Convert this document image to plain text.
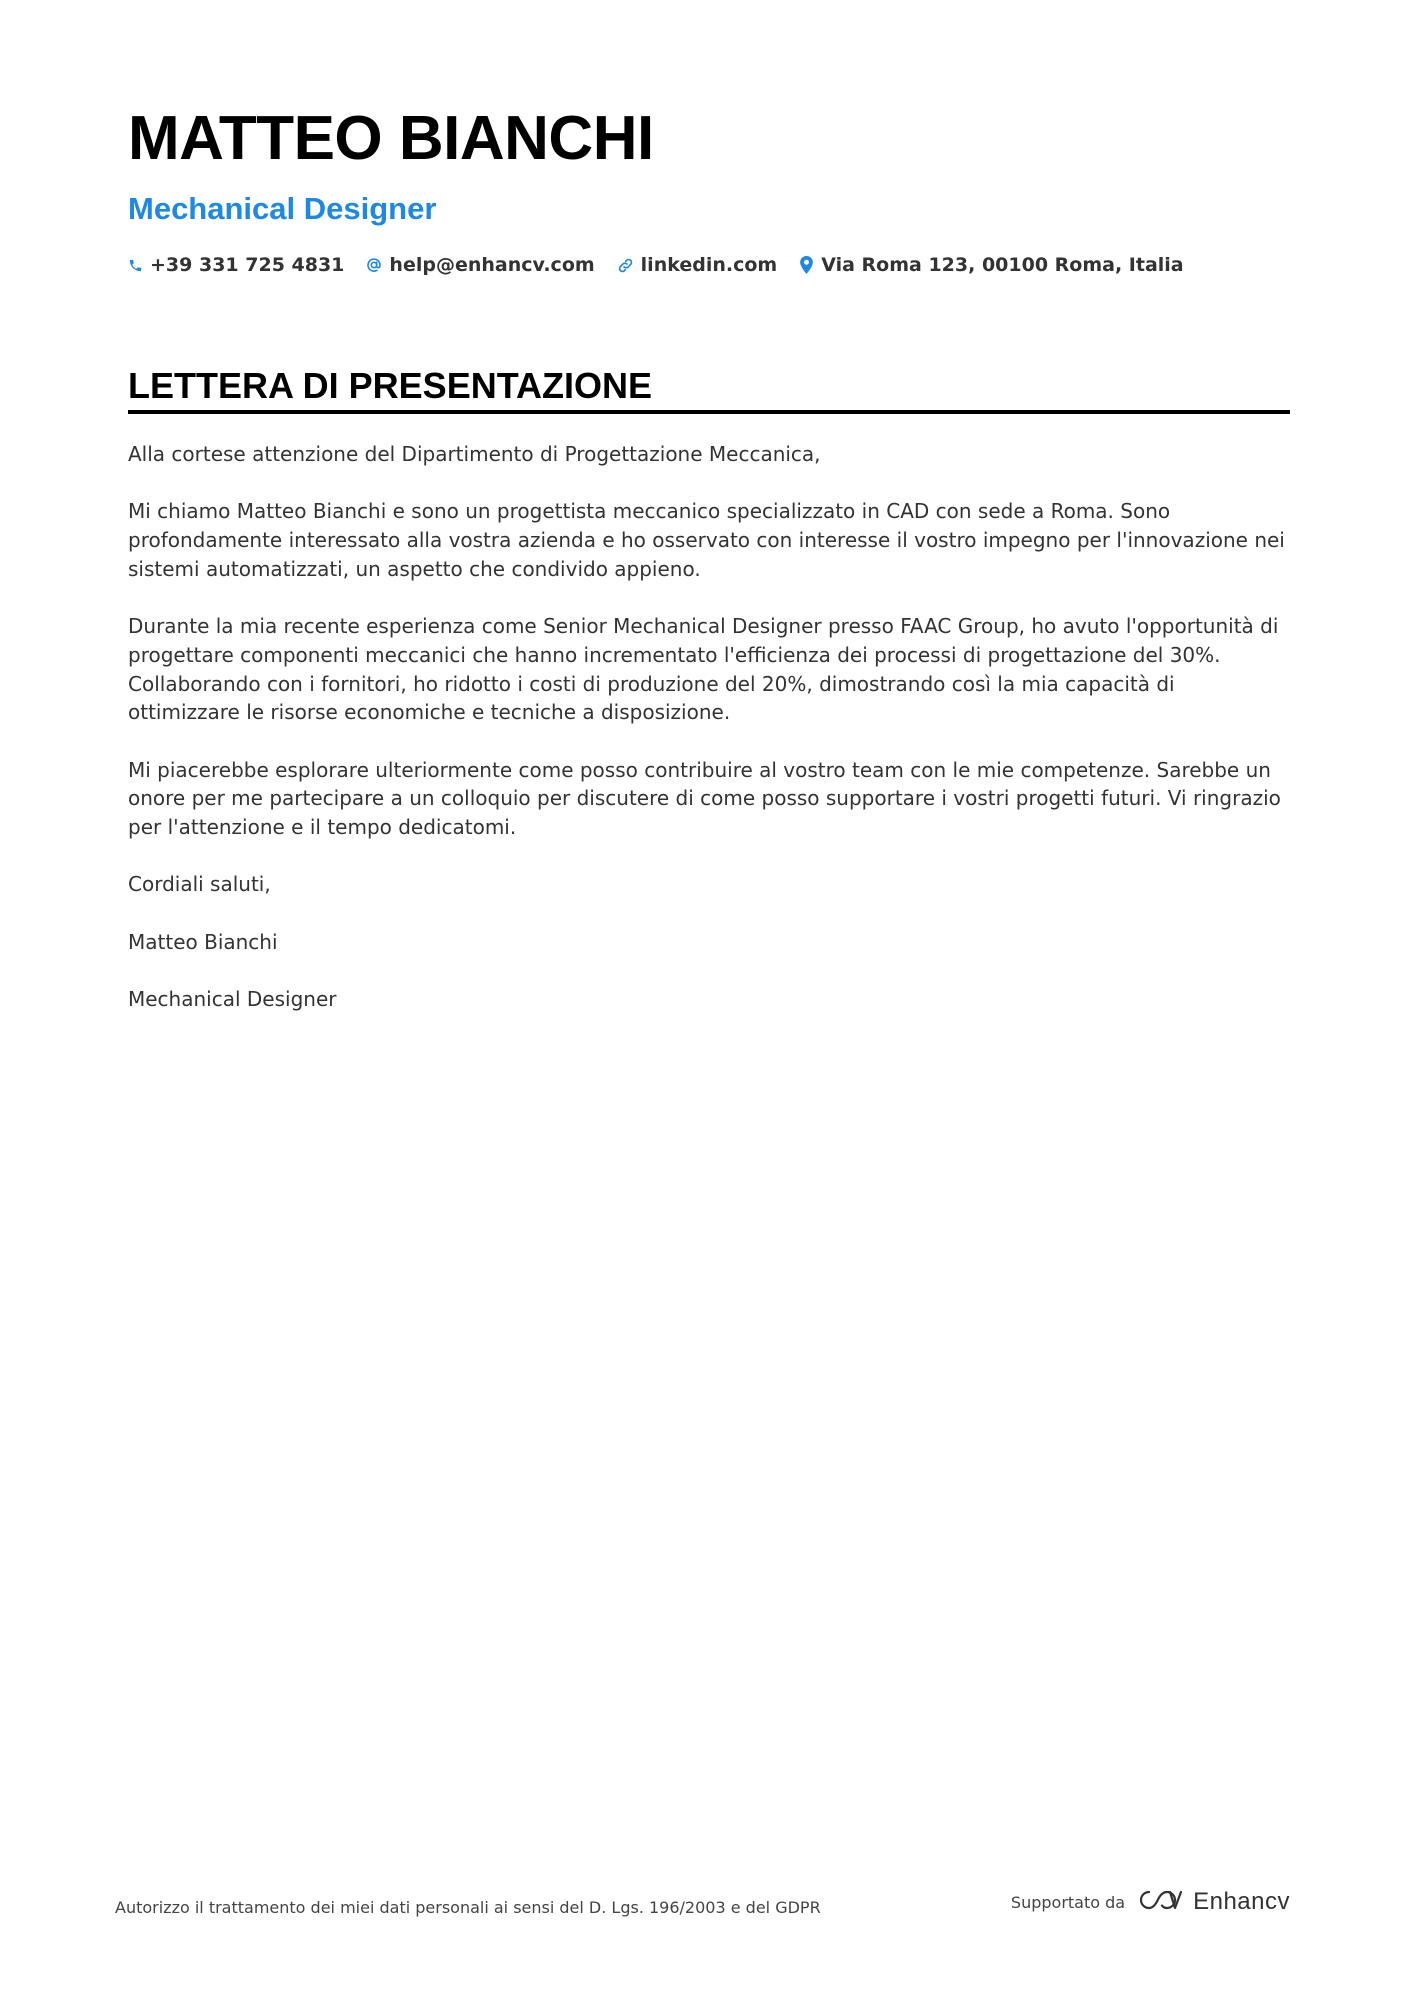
MATTEO BIANCHI
Mechanical Designer
+39 331 725 4831 help@enhancv.com linkedin.com Via Roma 123, 00100 Roma, Italia
LETTERA DI PRESENTAZIONE

Alla cortese attenzione del Dipartimento di Progettazione Meccanica,

Mi chiamo Matteo Bianchi e sono un progettista meccanico specializzato in CAD con sede a Roma. Sono profondamente interessato alla vostra azienda e ho osservato con interesse il vostro impegno per l'innovazione nei sistemi automatizzati, un aspetto che condivido appieno.

Durante la mia recente esperienza come Senior Mechanical Designer presso FAAC Group, ho avuto l'opportunità di progettare componenti meccanici che hanno incrementato l'efficienza dei processi di progettazione del 30%. Collaborando con i fornitori, ho ridotto i costi di produzione del 20%, dimostrando così la mia capacità di ottimizzare le risorse economiche e tecniche a disposizione.

Mi piacerebbe esplorare ulteriormente come posso contribuire al vostro team con le mie competenze. Sarebbe un onore per me partecipare a un colloquio per discutere di come posso supportare i vostri progetti futuri. Vi ringrazio per l'attenzione e il tempo dedicatomi.

Cordiali saluti,

Matteo Bianchi

Mechanical Designer

Autorizzo il trattamento dei miei dati personali ai sensi del D. Lgs. 196/2003 e del GDPR	Supportato da	Enhancv
